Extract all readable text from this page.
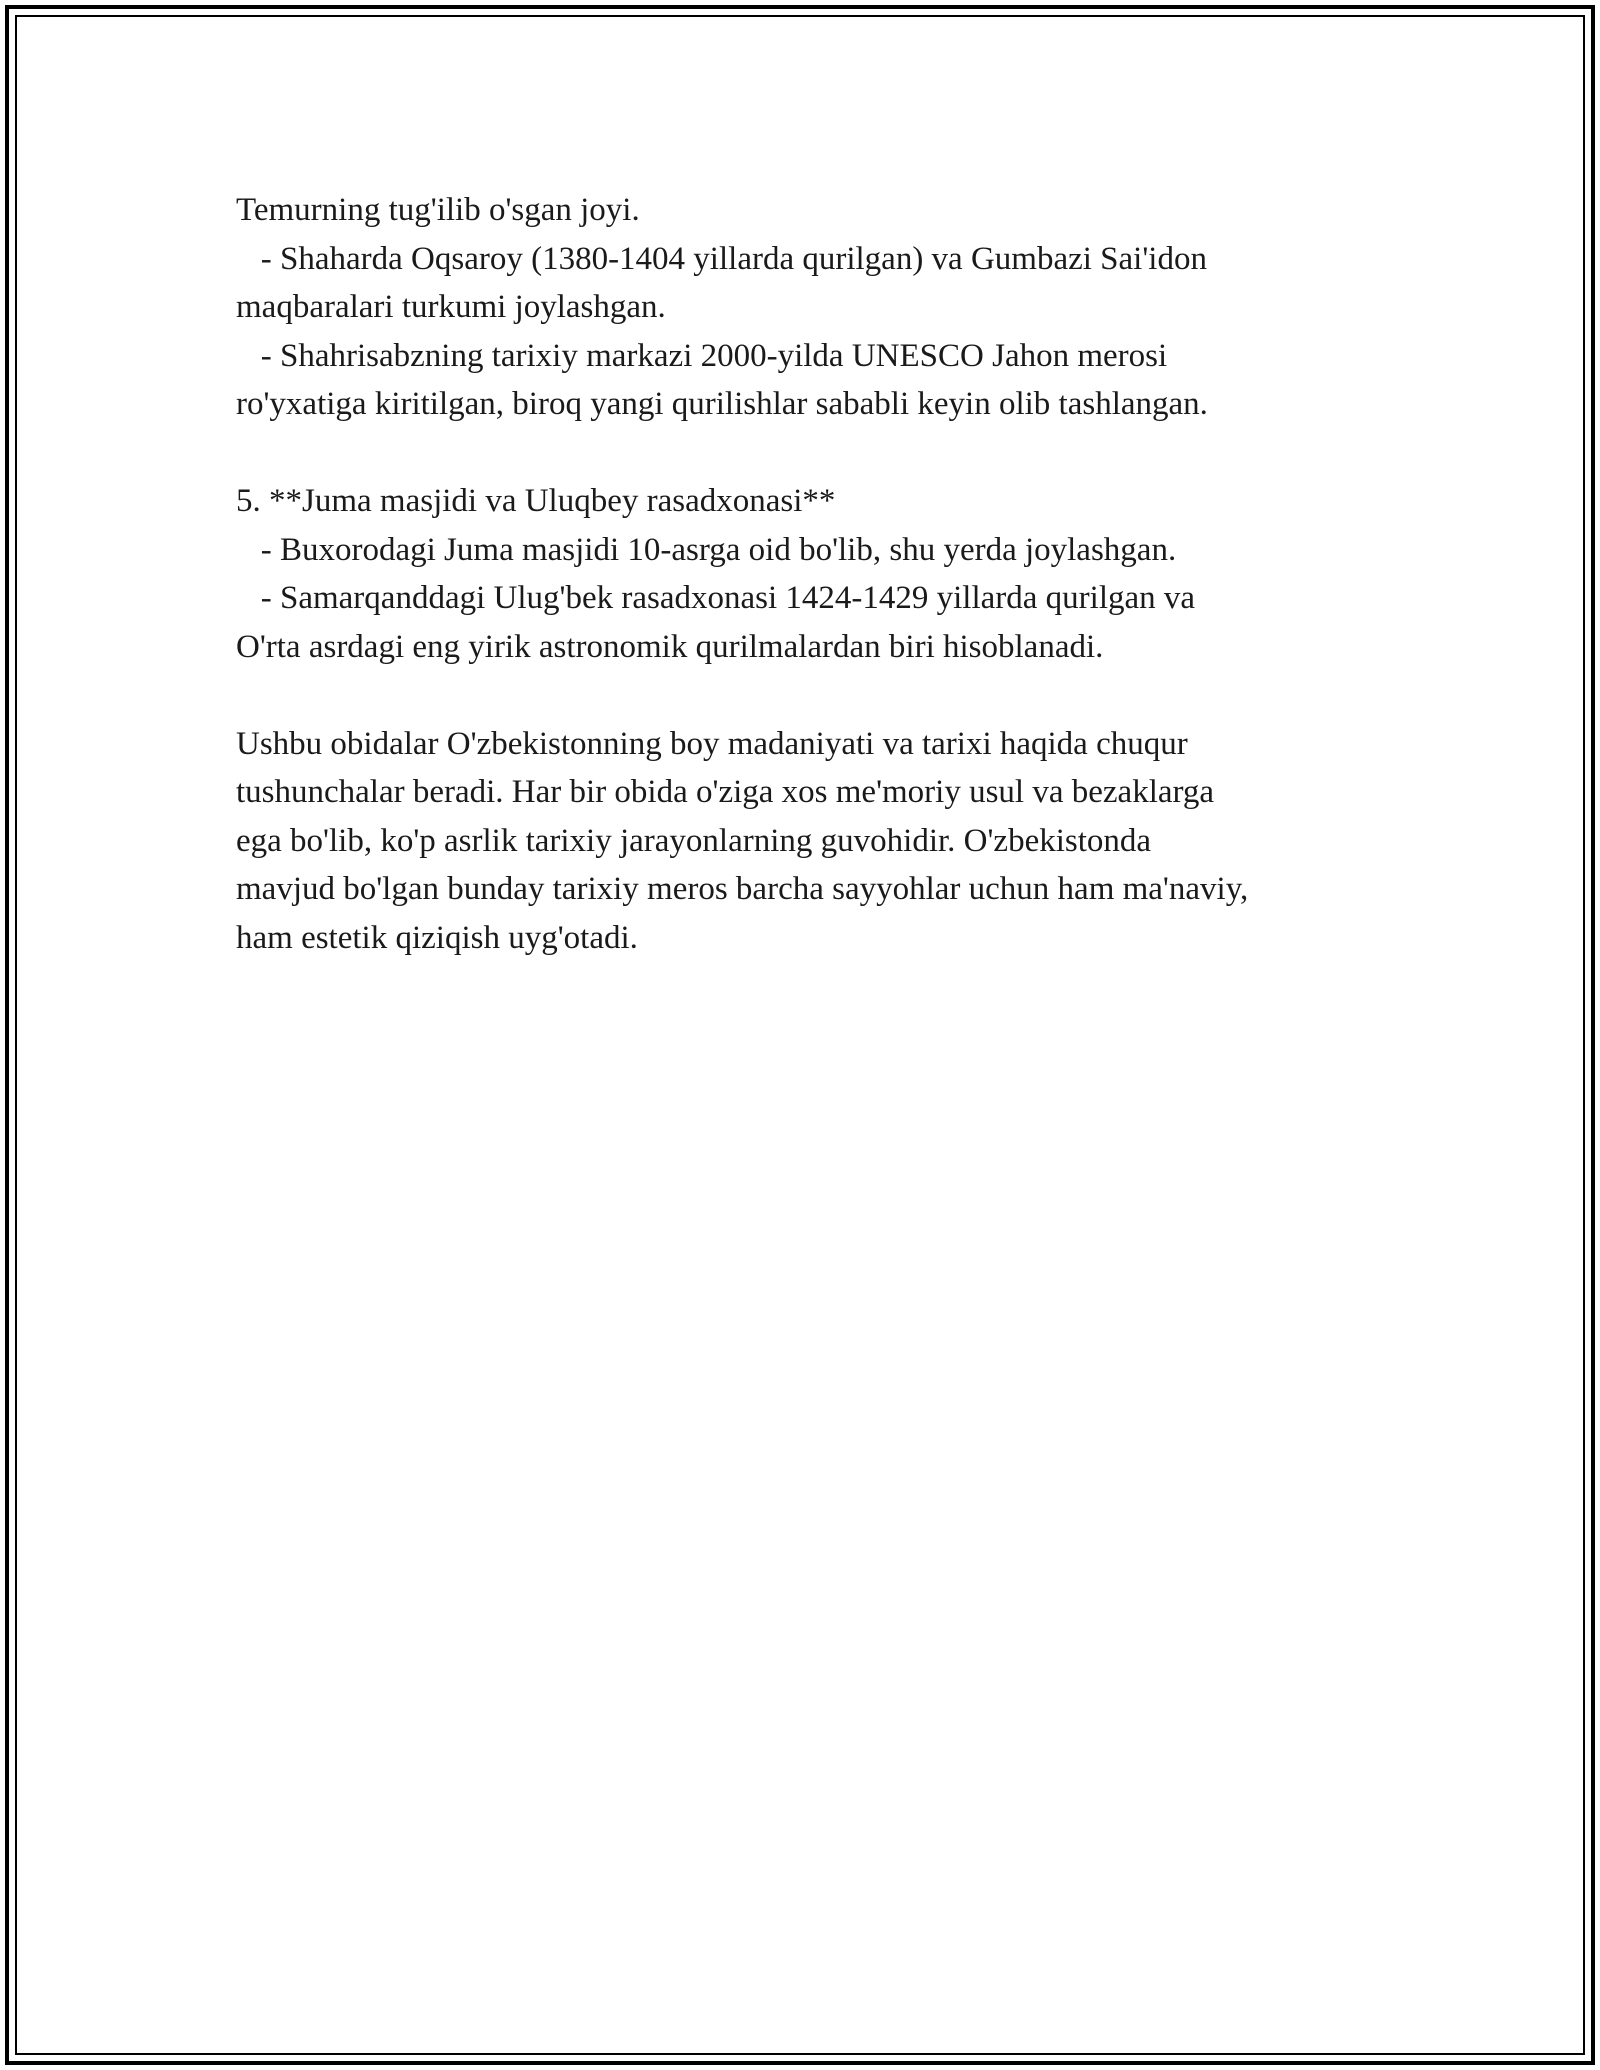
Temurning tug'ilib o'sgan joyi.
- Shaharda Oqsaroy (1380-1404 yillarda qurilgan) va Gumbazi Sai'idon
maqbaralari turkumi joylashgan.
- Shahrisabzning tarixiy markazi 2000-yilda UNESCO Jahon merosi
ro'yxatiga kiritilgan, biroq yangi qurilishlar sababli keyin olib tashlangan.
5. **Juma masjidi va Uluqbey rasadxonasi**
- Buxorodagi Juma masjidi 10-asrga oid bo'lib, shu yerda joylashgan.
- Samarqanddagi Ulug'bek rasadxonasi 1424-1429 yillarda qurilgan va
O'rta asrdagi eng yirik astronomik qurilmalardan biri hisoblanadi.
Ushbu obidalar O'zbekistonning boy madaniyati va tarixi haqida chuqur
tushunchalar beradi. Har bir obida o'ziga xos me'moriy usul va bezaklarga
ega bo'lib, ko'p asrlik tarixiy jarayonlarning guvohidir. O'zbekistonda
mavjud bo'lgan bunday tarixiy meros barcha sayyohlar uchun ham ma'naviy,
ham estetik qiziqish uyg'otadi.
